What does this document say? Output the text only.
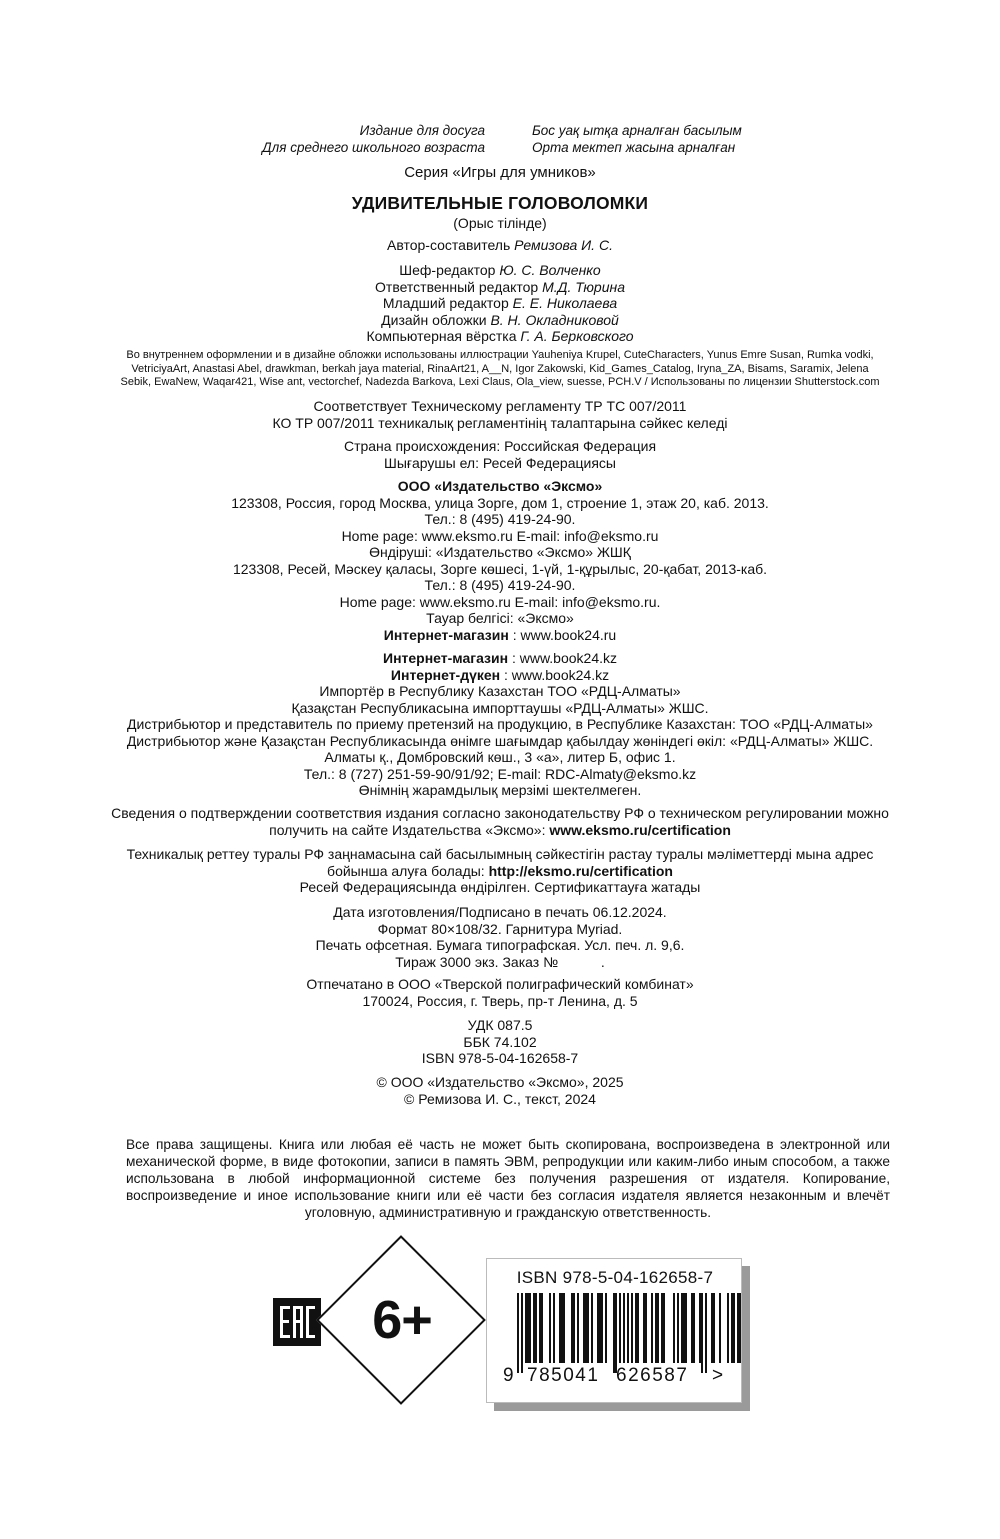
Издание для досуга
Для среднего школьного возраста
Бос уақ ытқа арналған басылым
Орта мектеп жасына арналған
Серия «Игры для умников»
УДИВИТЕЛЬНЫЕ ГОЛОВОЛОМКИ
(Орыс тілінде)
Автор-составитель Ремизова И. С.
Шеф-редактор Ю. С. Волченко
Ответственный редактор М.Д. Тюрина
Младший редактор Е. Е. Николаева
Дизайн обложки В. Н. Окладниковой
Компьютерная вёрстка Г. А. Берковского
Во внутреннем оформлении и в дизайне обложки использованы иллюстрации Yauheniya Krupel, CuteCharacters, Yunus Emre Susan, Rumka vodki,
VetriciyaArt, Anastasi Abel, drawkman, berkah jaya material, RinaArt21, A__N, Igor Zakowski, Kid_Games_Catalog, Iryna_ZA, Bisams, Saramix, Jelena
Sebik, EwaNew, Waqar421, Wise ant, vectorchef, Nadezda Barkova, Lexi Claus, Ola_view, suesse, PCH.V / Использованы по лицензии Shutterstock.com
Соответствует Техническому регламенту ТР ТС 007/2011
КО ТР 007/2011 техникалық регламентінің талаптарына сәйкес келеді
Страна происхождения: Российская Федерация
Шығарушы ел: Ресей Федерациясы
ООО «Издательство «Эксмо»
123308, Россия, город Москва, улица Зорге, дом 1, строение 1, этаж 20, каб. 2013.
Тел.: 8 (495) 419-24-90.
Home page: www.eksmo.ru E-mail: info@eksmo.ru
Өндіруші: «Издательство «Эксмо» ЖШҚ
123308, Ресей, Мәскеу қаласы, Зорге көшесі, 1-үй, 1-құрылыс, 20-қабат, 2013-каб.
Тел.: 8 (495) 419-24-90.
Home page: www.eksmo.ru E-mail: info@eksmo.ru.
Тауар белгісі: «Эксмо»
Интернет-магазин : www.book24.ru
Интернет-магазин : www.book24.kz
Интернет-дүкен : www.book24.kz
Импортёр в Республику Казахстан ТОО «РДЦ-Алматы»
Қазақстан Республикасына импорттаушы «РДЦ-Алматы» ЖШС.
Дистрибьютор и представитель по приему претензий на продукцию, в Республике Казахстан: ТОО «РДЦ-Алматы»
Дистрибьютор және Қазақстан Республикасында өнімге шағымдар қабылдау жөніндегі өкіл: «РДЦ-Алматы» ЖШС.
Алматы қ., Домбровский көш., 3 «а», литер Б, офис 1.
Тел.: 8 (727) 251-59-90/91/92; E-mail: RDC-Almaty@eksmo.kz
Өнімнің жарамдылық мерзімі шектелмеген.
Сведения о подтверждении соответствия издания согласно законодательству РФ о техническом регулировании можно
получить на сайте Издательства «Эксмо»: www.eksmo.ru/certification
Техникалық реттеу туралы РФ заңнамасына сай басылымның сәйкестігін растау туралы мәліметтерді мына адрес
бойынша алуға болады: http://eksmo.ru/certification
Ресей Федерациясында өндірілген. Сертификаттауға жатады
Дата изготовления/Подписано в печать 06.12.2024.
Формат 80×108/32. Гарнитура Myriad.
Печать офсетная. Бумага типографская. Усл. печ. л. 9,6.
Тираж 3000 экз. Заказ №           .
Отпечатано в ООО «Тверской полиграфический комбинат»
170024, Россия, г. Тверь, пр-т Ленина, д. 5
УДК 087.5
ББК 74.102
ISBN 978-5-04-162658-7
© ООО «Издательство «Эксмо», 2025
© Ремизова И. С., текст, 2024
Все права защищены. Книга или любая её часть не может быть скопирована, воспроизведена в электронной или механической форме, в виде фотокопии, записи в память ЭВМ, репродукции или каким-либо иным способом, а также использована в любой информационной системе без получения разрешения от издателя. Копирование, воспроизведение и иное использование книги или её части без согласия издателя является незаконным и влечёт уголовную, административную и гражданскую ответственность.
6+
ISBN 978-5-04-162658-7
9 785041 626587 >
